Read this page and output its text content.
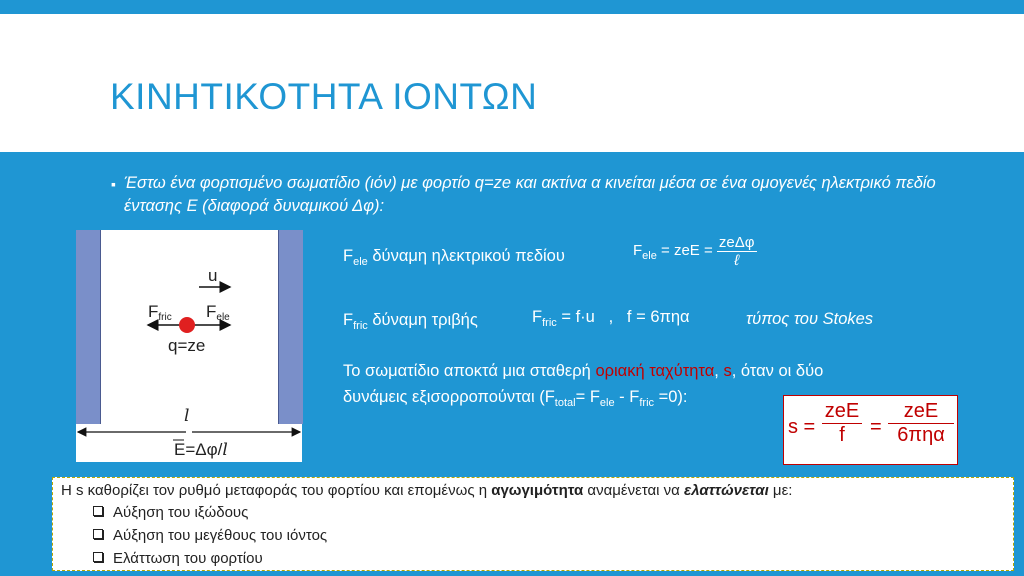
ΚΙΝΗΤΙΚΟΤΗΤΑ ΙΟΝΤΩΝ
▪ Έστω ένα φορτισμένο σωματίδιο (ιόν) με φορτίο q=ze και ακτίνα α κινείται μέσα σε ένα ομογενές ηλεκτρικό πεδίο έντασης Ε (διαφορά δυναμικού Δφ):
u
Ffric Fele
q=ze
l
E=Δφ/l
$F_{ele}$ δύναμη ηλεκτρικού πεδίου	$F_{ele}$ = zeE = $\frac{\text{zeΔφ}}{\text{ℓ}}$
$F_{fric}$ δύναμη τριβής	$F_{fric} = f\cdot u$   ,   f = 6πηα	τύπος του Stokes
Το σωματίδιο αποκτά μια σταθερή οριακή ταχύτητα, s, όταν οι δύο
δυνάμεις εξισορροπούνται $(F_{total}= F_{ele} - F_{fric} =0)$:
s =
zeE
f	=
zeE
6πηα
Η s καθορίζει τον ρυθμό μεταφοράς του φορτίου και επομένως η αγωγιμότητα αναμένεται να ελαττώνεται με:
Αύξηση του ιξώδους
Αύξηση του μεγέθους του ιόντος
Ελάττωση του φορτίου
